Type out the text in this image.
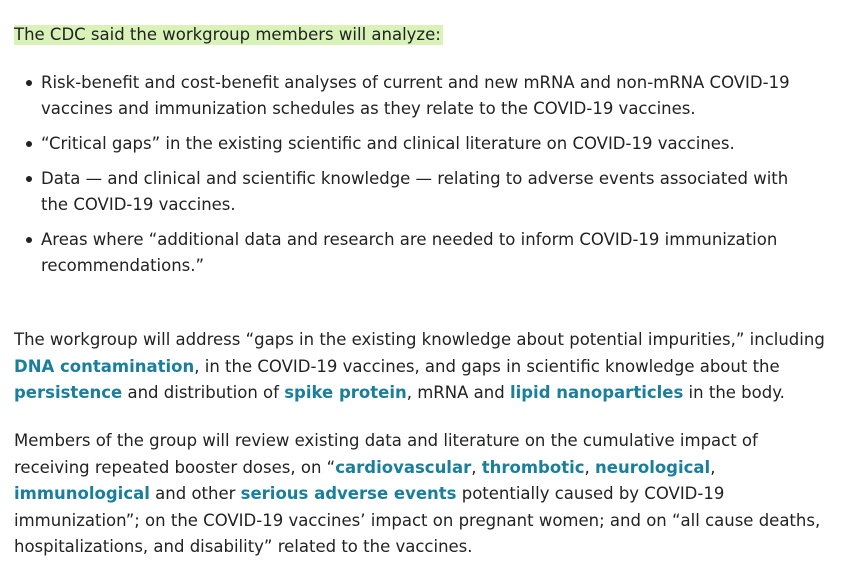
The CDC said the workgroup members will analyze:

Risk-benefit and cost-benefit analyses of current and new mRNA and non-mRNA COVID-19 vaccines and immunization schedules as they relate to the COVID-19 vaccines.
“Critical gaps” in the existing scientific and clinical literature on COVID-19 vaccines.
Data — and clinical and scientific knowledge — relating to adverse events associated with the COVID-19 vaccines.
Areas where “additional data and research are needed to inform COVID-19 immunization recommendations.”

The workgroup will address “gaps in the existing knowledge about potential impurities,” including DNA contamination, in the COVID-19 vaccines, and gaps in scientific knowledge about the persistence and distribution of spike protein, mRNA and lipid nanoparticles in the body.

Members of the group will review existing data and literature on the cumulative impact of receiving repeated booster doses, on “cardiovascular, thrombotic, neurological, immunological and other serious adverse events potentially caused by COVID-19 immunization”; on the COVID-19 vaccines’ impact on pregnant women; and on “all cause deaths, hospitalizations, and disability” related to the vaccines.
